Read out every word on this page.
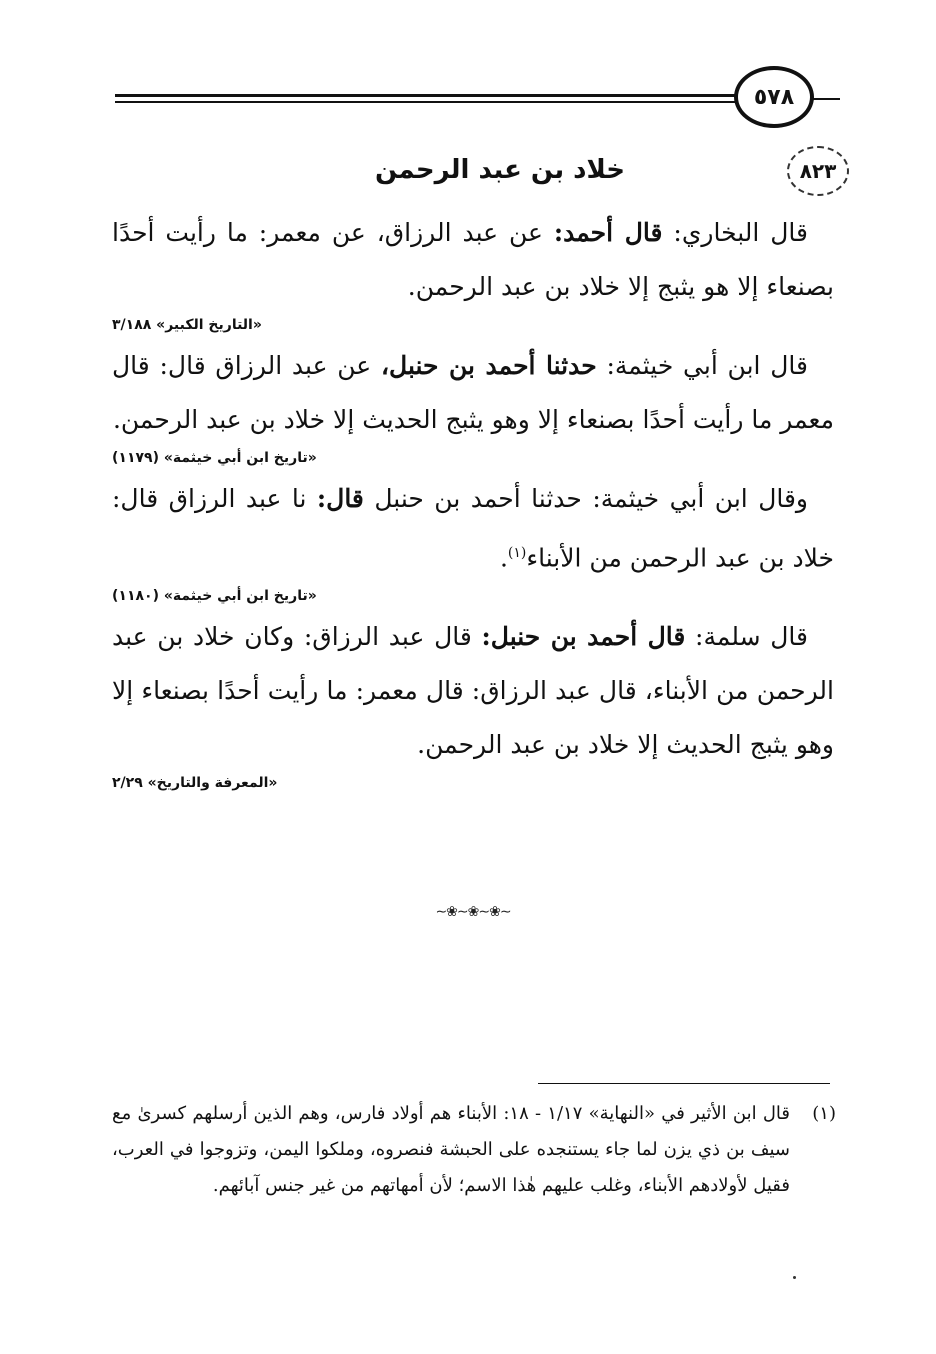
٥٧٨
٨٢٣
خلاد بن عبد الرحمن

قال البخاري: قال أحمد: عن عبد الرزاق، عن معمر: ما رأيت أحدًا بصنعاء إلا هو يثبج إلا خلاد بن عبد الرحمن.

«التاريخ الكبير» ٣/١٨٨

قال ابن أبي خيثمة: حدثنا أحمد بن حنبل، عن عبد الرزاق قال: قال معمر ما رأيت أحدًا بصنعاء إلا وهو يثبج الحديث إلا خلاد بن عبد الرحمن.

«تاريخ ابن أبي خيثمة» (١١٧٩)

وقال ابن أبي خيثمة: حدثنا أحمد بن حنبل قال: نا عبد الرزاق قال: خلاد بن عبد الرحمن من الأبناء$^{(١)}$.

«تاريخ ابن أبي خيثمة» (١١٨٠)

قال سلمة: قال أحمد بن حنبل: قال عبد الرزاق: وكان خلاد بن عبد الرحمن من الأبناء، قال عبد الرزاق: قال معمر: ما رأيت أحدًا بصنعاء إلا وهو يثبج الحديث إلا خلاد بن عبد الرحمن.

«المعرفة والتاريخ» ٢/٢٩
∽❀∽❀∽❀∽
(١)
قال ابن الأثير في «النهاية» ١/١٧ - ١٨: الأبناء هم أولاد فارس، وهم الذين أرسلهم كسرىٰ مع سيف بن ذي يزن لما جاء يستنجده على الحبشة فنصروه، وملكوا اليمن، وتزوجوا في العرب، فقيل لأولادهم الأبناء، وغلب عليهم هٰذا الاسم؛ لأن أمهاتهم من غير جنس آبائهم.
